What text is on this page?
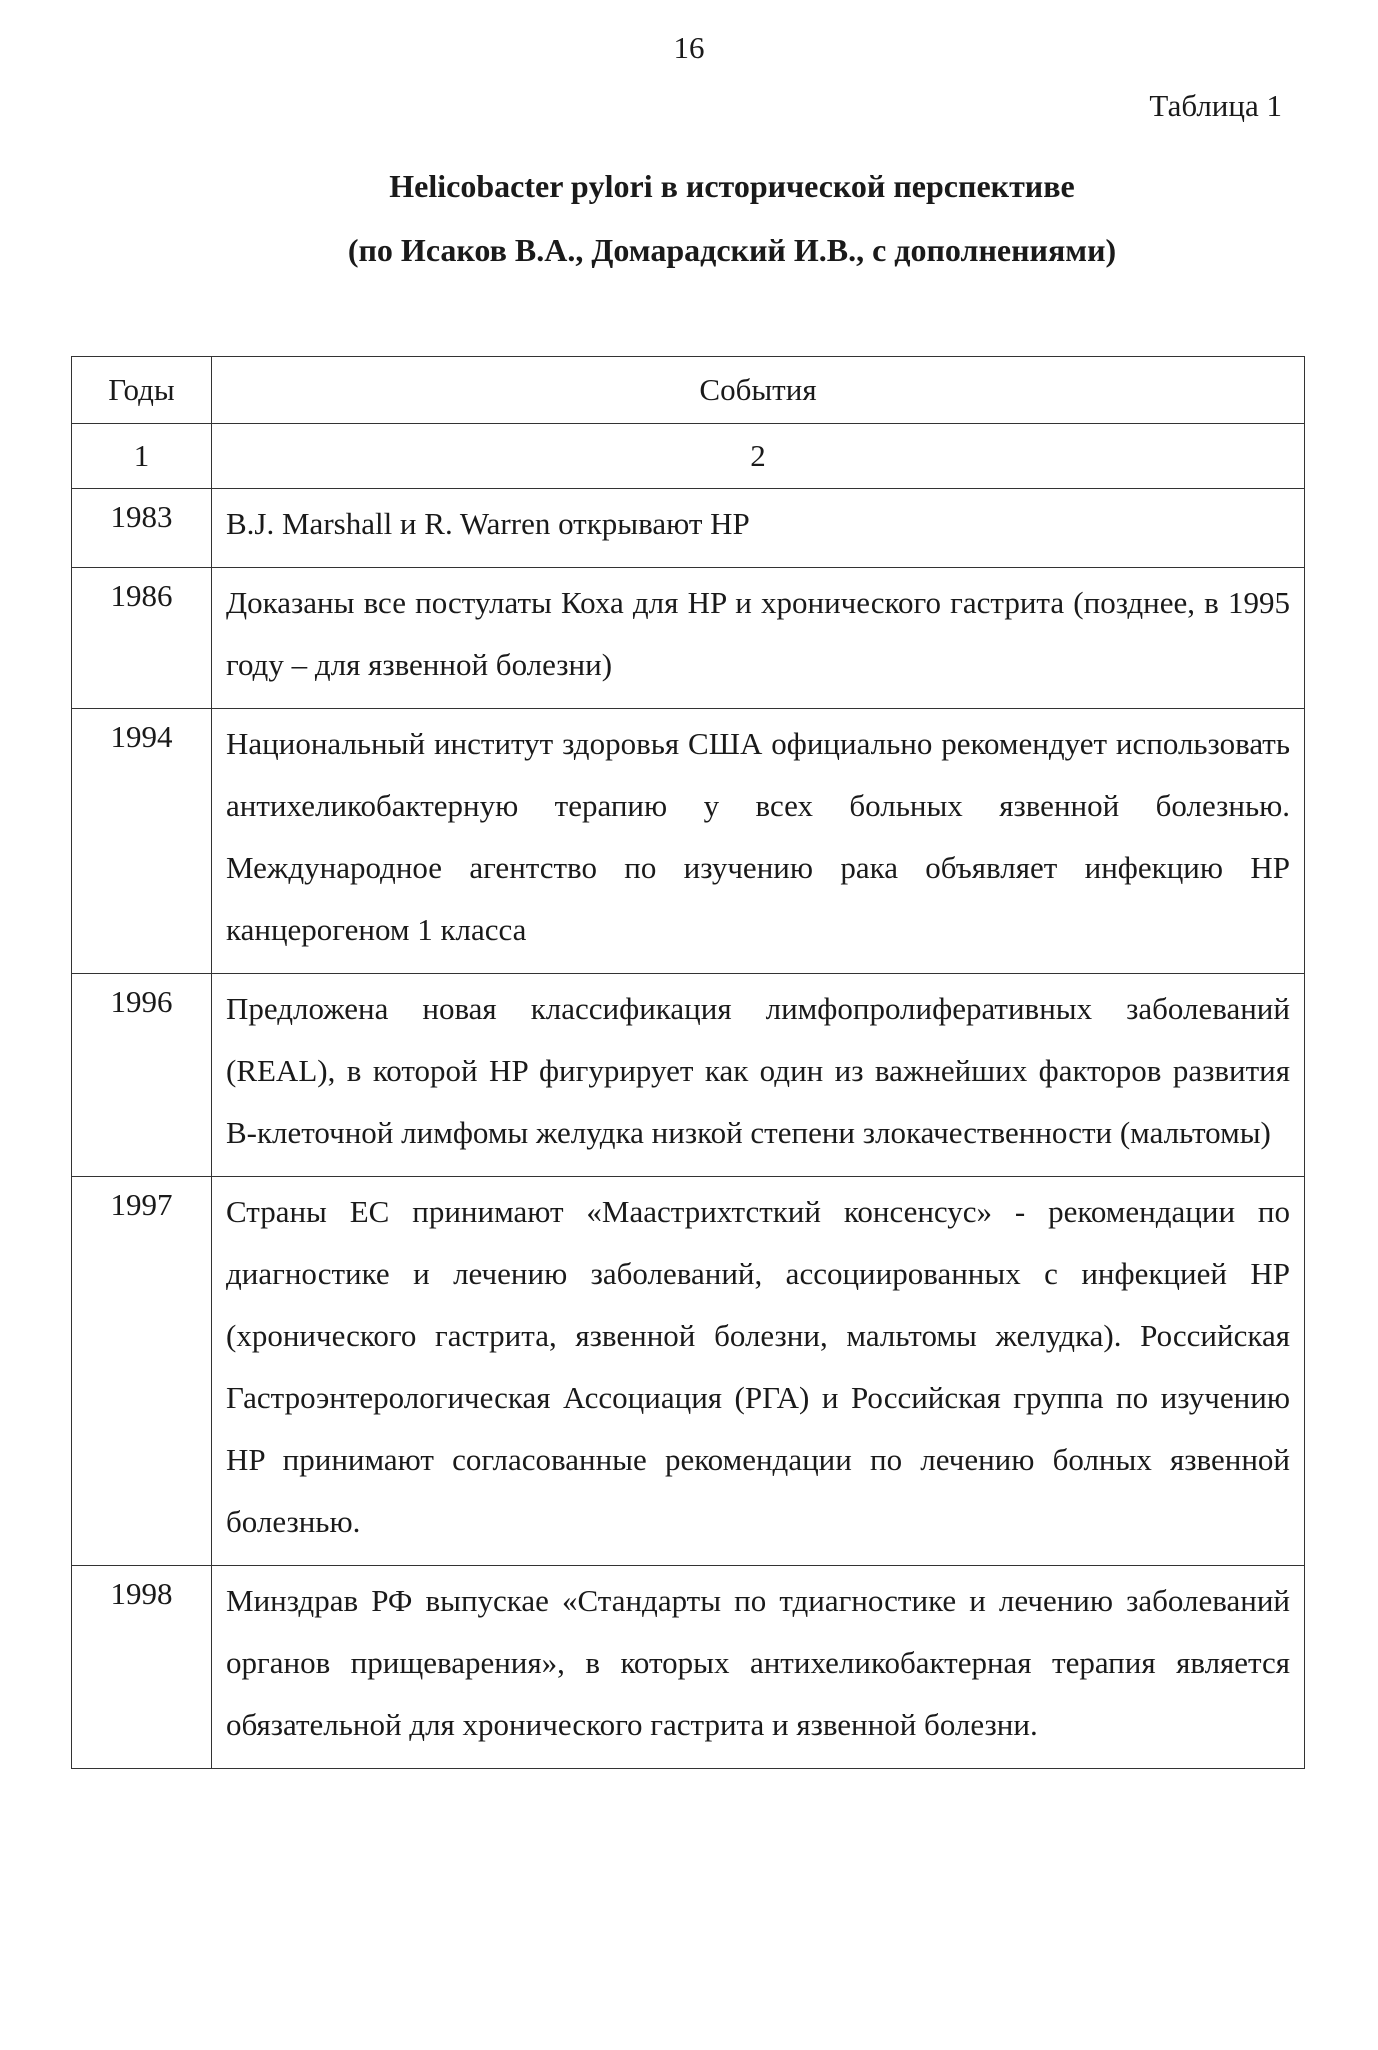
16
Таблица 1
Helicobacter pylori в исторической перспективе
(по Исаков В.А., Домарадский И.В., с дополнениями)
Годы	События
1	2
1983	B.J. Marshall и R. Warren открывают HP
1986	Доказаны все постулаты Коха для HP и хронического гастрита (позднее, в 1995 году – для язвенной болезни)
1994	Национальный институт здоровья США официально рекомендует использовать антихеликобактерную терапию у всех больных язвенной болезнью. Международное агентство по изучению рака объявляет инфекцию HP канцерогеном 1 класса
1996	Предложена новая классификация лимфопролиферативных заболеваний (REAL), в которой HP фигурирует как один из важнейших факторов развития В-клеточной лимфомы желудка низкой степени злокачественности (мальтомы)
1997	Страны ЕС принимают «Маастрихтсткий консенсус» - рекомендации по диагностике и лечению заболеваний, ассоциированных с инфекцией HP (хронического гастрита, язвенной болезни, мальтомы желудка). Российская Гастроэнтерологическая Ассоциация (РГА) и Российская группа по изучению HP принимают согласованные рекомендации по лечению болных язвенной болезнью.
1998	Минздрав РФ выпускае «Стандарты по тдиагностике и лечению заболеваний органов прищеварения», в которых антихеликобактерная терапия является обязательной для хронического гастрита и язвенной болезни.
